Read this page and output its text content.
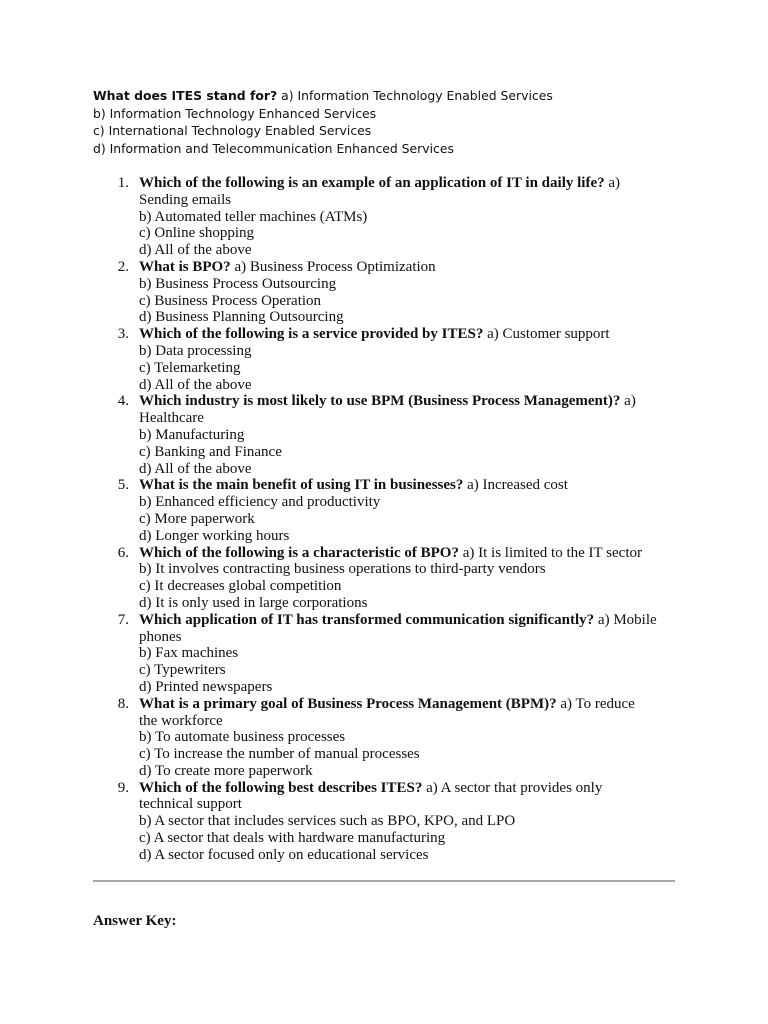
What does ITES stand for? a) Information Technology Enabled Services
b) Information Technology Enhanced Services
c) International Technology Enabled Services
d) Information and Telecommunication Enhanced Services
1. Which of the following is an example of an application of IT in daily life? a)
Sending emails
b) Automated teller machines (ATMs)
c) Online shopping
d) All of the above
2. What is BPO? a) Business Process Optimization
b) Business Process Outsourcing
c) Business Process Operation
d) Business Planning Outsourcing
3. Which of the following is a service provided by ITES? a) Customer support
b) Data processing
c) Telemarketing
d) All of the above
4. Which industry is most likely to use BPM (Business Process Management)? a)
Healthcare
b) Manufacturing
c) Banking and Finance
d) All of the above
5. What is the main benefit of using IT in businesses? a) Increased cost
b) Enhanced efficiency and productivity
c) More paperwork
d) Longer working hours
6. Which of the following is a characteristic of BPO? a) It is limited to the IT sector
b) It involves contracting business operations to third-party vendors
c) It decreases global competition
d) It is only used in large corporations
7. Which application of IT has transformed communication significantly? a) Mobile
phones
b) Fax machines
c) Typewriters
d) Printed newspapers
8. What is a primary goal of Business Process Management (BPM)? a) To reduce
the workforce
b) To automate business processes
c) To increase the number of manual processes
d) To create more paperwork
9. Which of the following best describes ITES? a) A sector that provides only
technical support
b) A sector that includes services such as BPO, KPO, and LPO
c) A sector that deals with hardware manufacturing
d) A sector focused only on educational services
Answer Key:
